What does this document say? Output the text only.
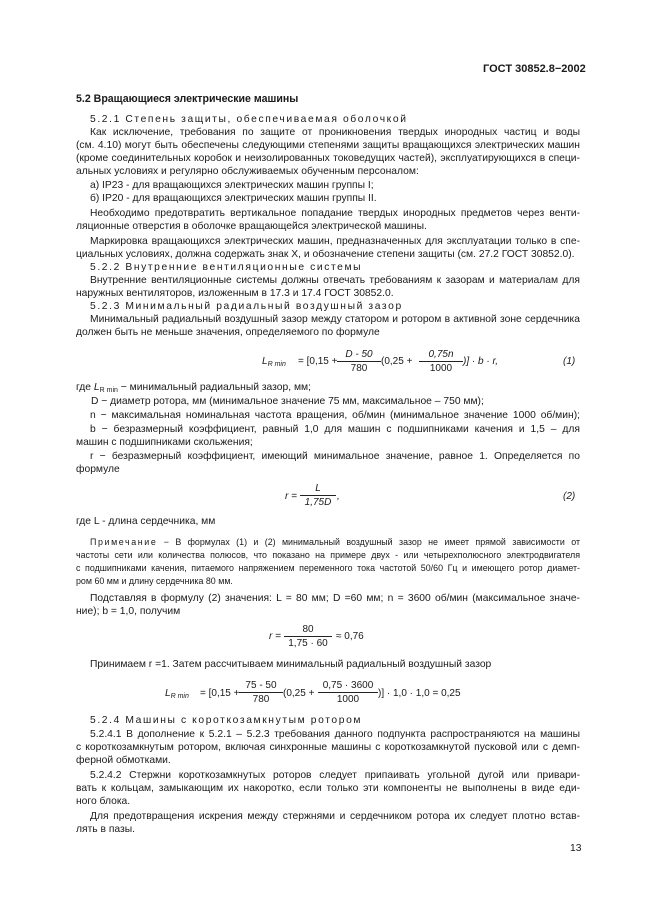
ГОСТ 30852.8−2002
5.2 Вращающиеся электрические машины
5.2.1 Степень защиты, обеспечиваемая оболочкой
Как исключение, требования по защите от проникновения твердых инородных частиц и воды
(см. 4.10) могут быть обеспечены следующими степенями защиты вращающихся электрических машин
(кроме соединительных коробок и неизолированных токоведущих частей), эксплуатирующихся в специ-
альных условиях и регулярно обслуживаемых обученным персоналом:
а) IP23 - для вращающихся электрических машин группы I;
б) IP20 - для вращающихся электрических машин группы II.
Необходимо предотвратить вертикальное попадание твердых инородных предметов через венти-
ляционные отверстия в оболочке вращающейся электрической машины.
Маркировка вращающихся электрических машин, предназначенных для эксплуатации только в спе-
циальных условиях, должна содержать знак X, и обозначение степени защиты (см. 27.2 ГОСТ 30852.0).
5.2.2 Внутренние вентиляционные системы
Внутренние вентиляционные системы должны отвечать требованиям к зазорам и материалам для
наружных вентиляторов, изложенным в 17.3 и 17.4 ГОСТ 30852.0.
5.2.3 Минимальный радиальный воздушный зазор
Минимальный радиальный воздушный зазор между статором и ротором в активной зоне сердечника
должен быть не меньше значения, определяемого по формуле
$L_{R min} = [0,15 + \frac{D - 50}{780} (0,25 + \frac{0,75n}{1000}$ )] · b · r,	(1)
где $L_{R min}$ − минимальный радиальный зазор, мм;
D − диаметр ротора, мм (минимальное значение 75 мм, максимальное – 750 мм);
n − максимальная номинальная частота вращения, об/мин (минимальное значение 1000 об/мин);
b − безразмерный коэффициент, равный 1,0 для машин с подшипниками качения и 1,5 – для
машин с подшипниками скольжения;
r − безразмерный коэффициент, имеющий минимальное значение, равное 1. Определяется по
формуле
$r = \frac{L}{1,75D}$ ,	(2)
где L - длина сердечника, мм
Примечание − В формулах (1) и (2) минимальный воздушный зазор не имеет прямой зависимости от
частоты сети или количества полюсов, что показано на примере двух - или четырехполюсного электродвигателя
с подшипниками качения, питаемого напряжением переменного тока частотой 50/60 Гц и имеющего ротор диамет-
ром 60 мм и длину сердечника 80 мм.
Подставляя в формулу (2) значения: L = 80 мм; D =60 мм; n = 3600 об/мин (максимальное значе-
ние); b = 1,0, получим
$r = \frac{80}{1,75 \cdot 60} \approx 0,76$
Принимаем r =1. Затем рассчитываем минимальный радиальный воздушный зазор
$L_{R min} = [0,15 + \frac{75 - 50}{780} (0,25 + \frac{0,75 \cdot 3600}{1000}$ )] · 1,0 · 1,0 = 0,25
5.2.4 Машины с короткозамкнутым ротором
5.2.4.1 В дополнение к 5.2.1 – 5.2.3 требования данного подпункта распространяются на машины
с короткозамкнутым ротором, включая синхронные машины с короткозамкнутой пусковой или с демп-
ферной обмотками.
5.2.4.2 Стержни короткозамкнутых роторов следует припаивать угольной дугой или привари-
вать к кольцам, замыкающим их накоротко, если только эти компоненты не выполнены в виде еди-
ного блока.
Для предотвращения искрения между стержнями и сердечником ротора их следует плотно встав-
лять в пазы.
13
